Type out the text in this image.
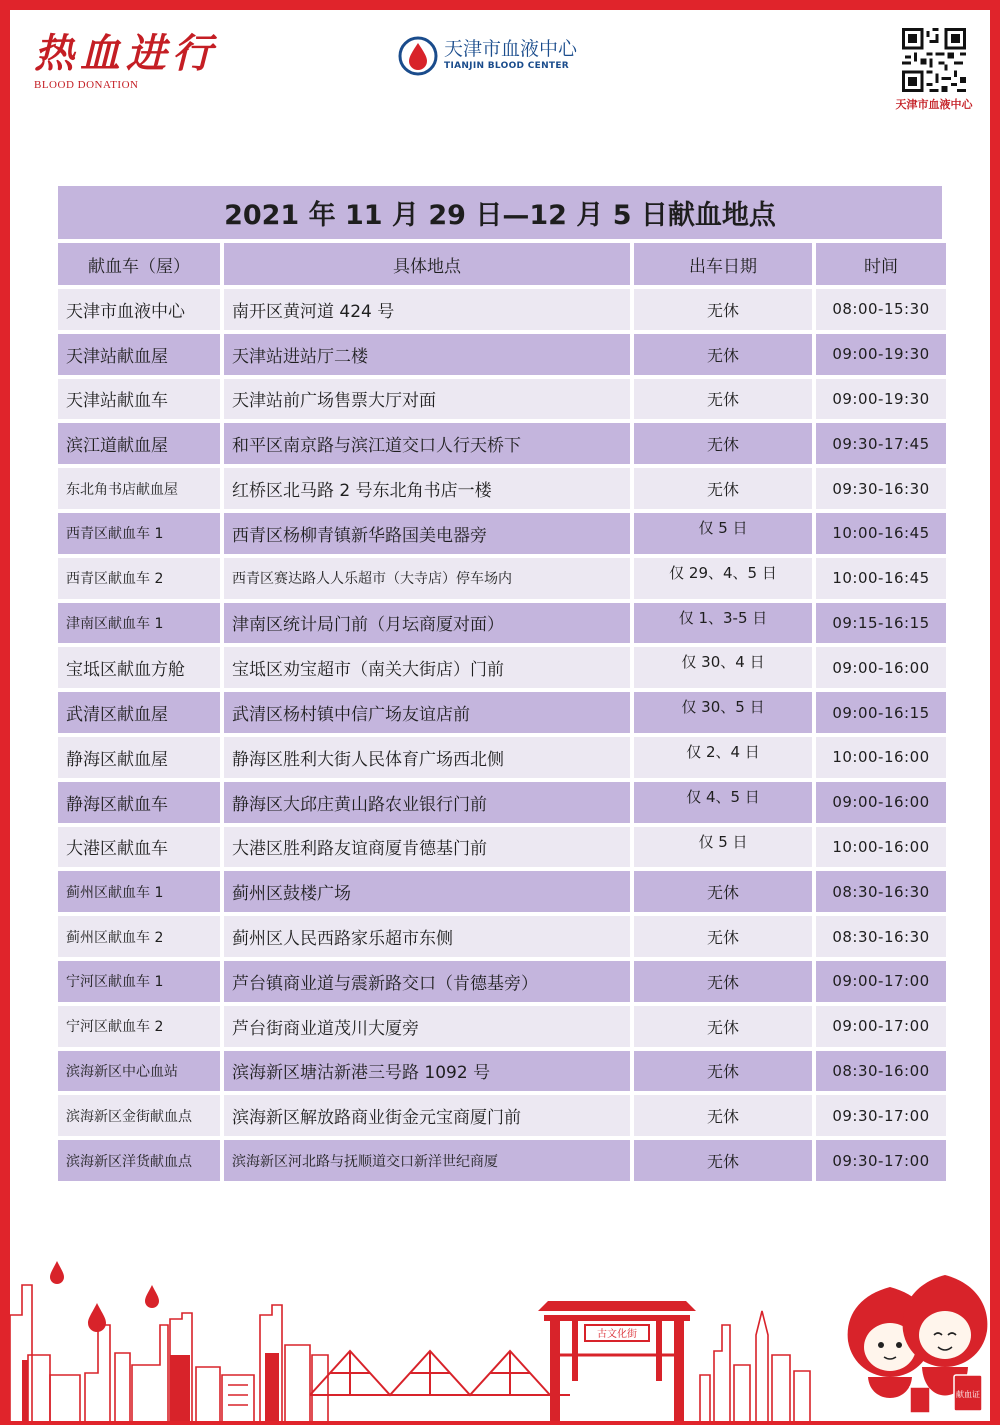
热血进行
BLOOD DONATION
天津市血液中心
TIANJIN BLOOD CENTER
天津市血液中心
2021 年 11 月 29 日—12 月 5 日献血地点
献血车（屋）	具体地点	出车日期	时间
天津市血液中心	南开区黄河道 424 号	无休	08:00-15:30
天津站献血屋	天津站进站厅二楼	无休	09:00-19:30
天津站献血车	天津站前广场售票大厅对面	无休	09:00-19:30
滨江道献血屋	和平区南京路与滨江道交口人行天桥下	无休	09:30-17:45
东北角书店献血屋	红桥区北马路 2 号东北角书店一楼	无休	09:30-16:30
西青区献血车 1	西青区杨柳青镇新华路国美电器旁	仅 5 日	10:00-16:45
西青区献血车 2	西青区赛达路人人乐超市（大寺店）停车场内	仅 29、4、5 日	10:00-16:45
津南区献血车 1	津南区统计局门前（月坛商厦对面）	仅 1、3-5 日	09:15-16:15
宝坻区献血方舱	宝坻区劝宝超市（南关大街店）门前	仅 30、4 日	09:00-16:00
武清区献血屋	武清区杨村镇中信广场友谊店前	仅 30、5 日	09:00-16:15
静海区献血屋	静海区胜利大街人民体育广场西北侧	仅 2、4 日	10:00-16:00
静海区献血车	静海区大邱庄黄山路农业银行门前	仅 4、5 日	09:00-16:00
大港区献血车	大港区胜利路友谊商厦肯德基门前	仅 5 日	10:00-16:00
蓟州区献血车 1	蓟州区鼓楼广场	无休	08:30-16:30
蓟州区献血车 2	蓟州区人民西路家乐超市东侧	无休	08:30-16:30
宁河区献血车 1	芦台镇商业道与震新路交口（肯德基旁）	无休	09:00-17:00
宁河区献血车 2	芦台街商业道茂川大厦旁	无休	09:00-17:00
滨海新区中心血站	滨海新区塘沽新港三号路 1092 号	无休	08:30-16:00
滨海新区金街献血点	滨海新区解放路商业街金元宝商厦门前	无休	09:30-17:00
滨海新区洋货献血点	滨海新区河北路与抚顺道交口新洋世纪商厦	无休	09:30-17:00
古文化街
献血证
